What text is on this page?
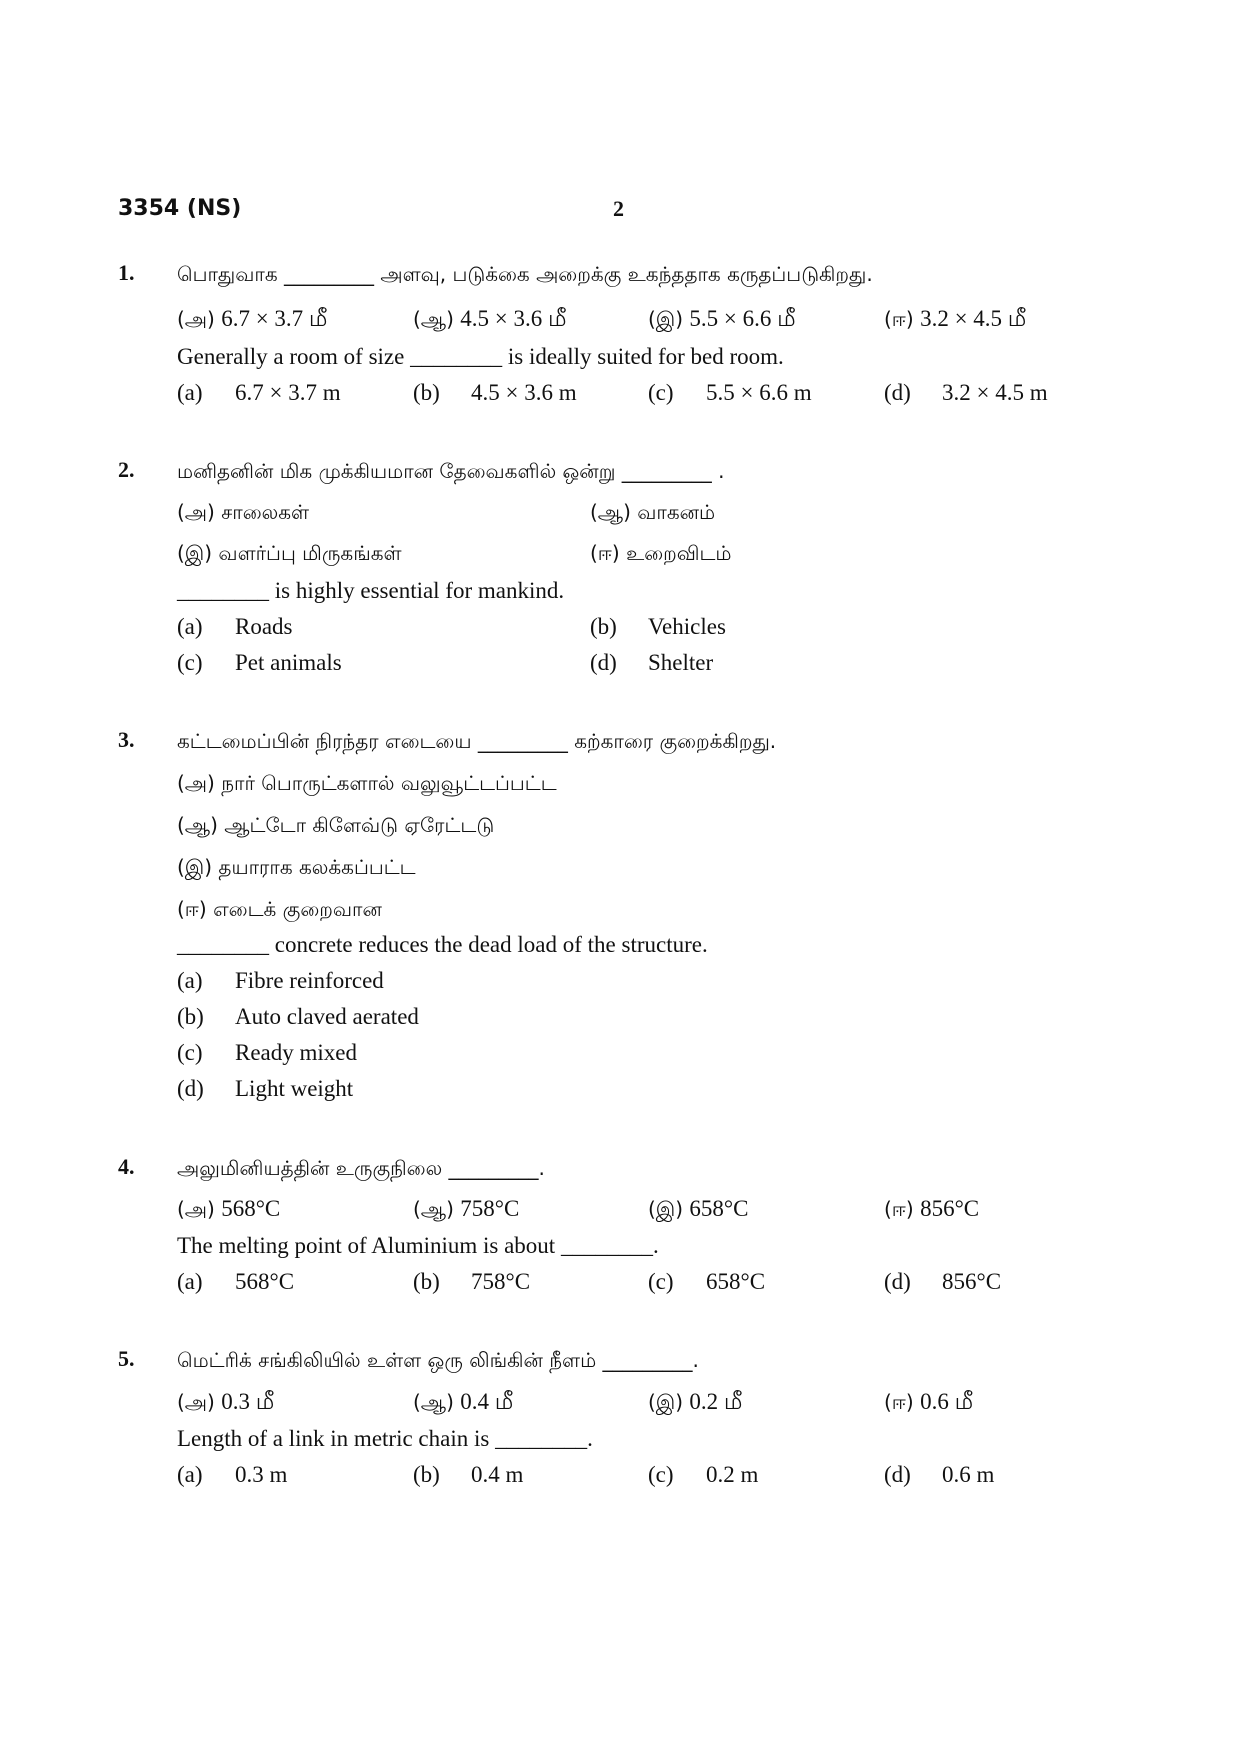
3354 (NS)	2
1. பொதுவாக _________ அளவு, படுக்கை அறைக்கு உகந்ததாக கருதப்படுகிறது.
(அ) 6.7 × 3.7 மீ	(ஆ) 4.5 × 3.6 மீ	(இ) 5.5 × 6.6 மீ	(ஈ) 3.2 × 4.5 மீ
Generally a room of size ________ is ideally suited for bed room.
(a) 6.7 × 3.7 m	(b) 4.5 × 3.6 m	(c) 5.5 × 6.6 m	(d) 3.2 × 4.5 m
2. மனிதனின் மிக முக்கியமான தேவைகளில் ஒன்று _________ .
(அ) சாலைகள்	(ஆ) வாகனம்
(இ) வளர்ப்பு மிருகங்கள்	(ஈ) உறைவிடம்
________ is highly essential for mankind.
(a) Roads	(b) Vehicles
(c) Pet animals	(d) Shelter
3. கட்டமைப்பின் நிரந்தர எடையை _________ கற்காரை குறைக்கிறது.
(அ) நார் பொருட்களால் வலுவூட்டப்பட்ட
(ஆ) ஆட்டோ கிளேவ்டு ஏரேட்டடு
(இ) தயாராக கலக்கப்பட்ட
(ஈ) எடைக் குறைவான
________ concrete reduces the dead load of the structure.
(a) Fibre reinforced
(b) Auto claved aerated
(c) Ready mixed
(d) Light weight
4. அலுமினியத்தின் உருகுநிலை _________.
(அ) 568°C	(ஆ) 758°C	(இ) 658°C	(ஈ) 856°C
The melting point of Aluminium is about ________.
(a) 568°C	(b) 758°C	(c) 658°C	(d) 856°C
5. மெட்ரிக் சங்கிலியில் உள்ள ஒரு லிங்கின் நீளம் _________.
(அ) 0.3 மீ	(ஆ) 0.4 மீ	(இ) 0.2 மீ	(ஈ) 0.6 மீ
Length of a link in metric chain is ________.
(a) 0.3 m	(b) 0.4 m	(c) 0.2 m	(d) 0.6 m
